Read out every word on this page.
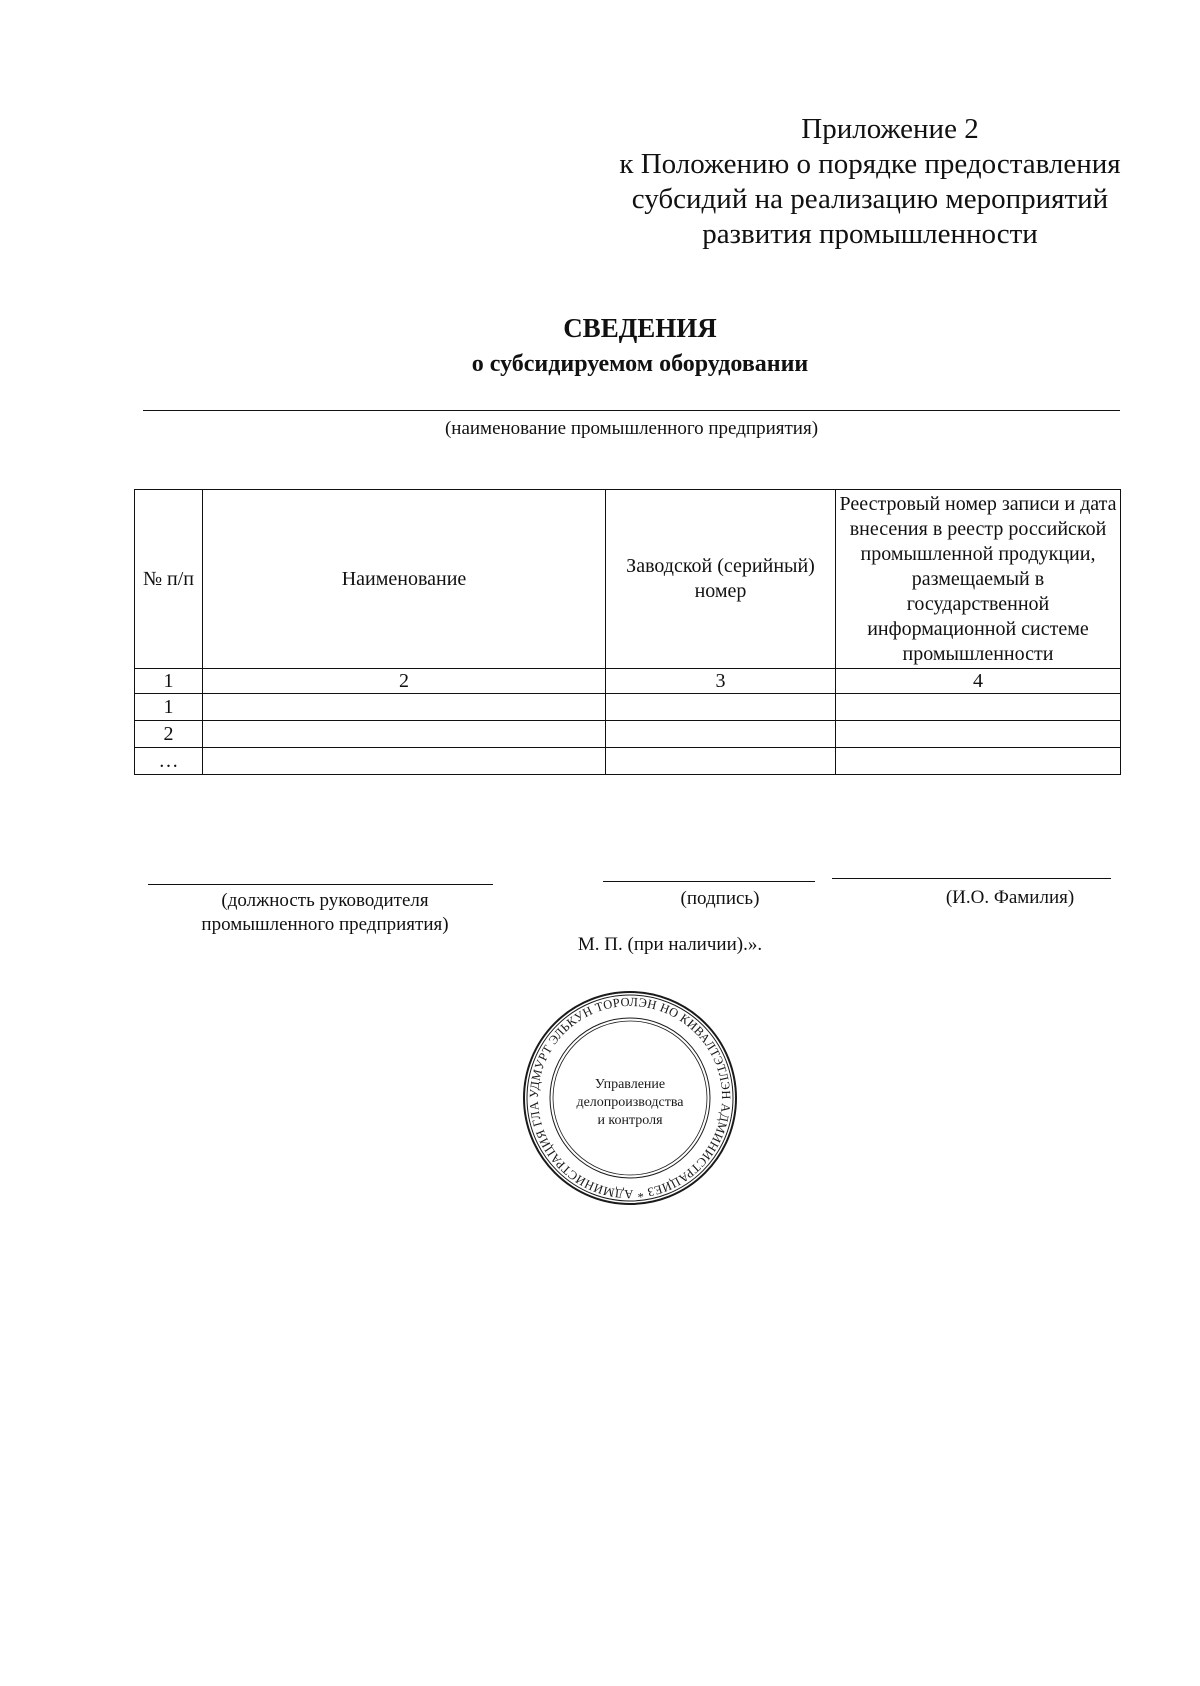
Приложение 2
к Положению о порядке предоставления
субсидий на реализацию мероприятий
развития промышленности
СВЕДЕНИЯ
о субсидируемом оборудовании
(наименование промышленного предприятия)
№ п/п	Наименование	Заводской (серийный) номер	Реестровый номер записи и дата внесения в реестр российской промышленной продукции, размещаемый в государственной информационной системе промышленности
1	2	3	4
1			
2			
…			
(должность руководителя промышленного предприятия)
(подпись)	(И.О. Фамилия)
М. П. (при наличии).».
УДМУРТ ЭЛЬКУН ТОРОЛЭН НО КИВАЛТЭТЛЭН АДМИНИСТРАЦИЕЗ * АДМИНИСТРАЦИЯ ГЛА
Управление
делопроизводства
и контроля
